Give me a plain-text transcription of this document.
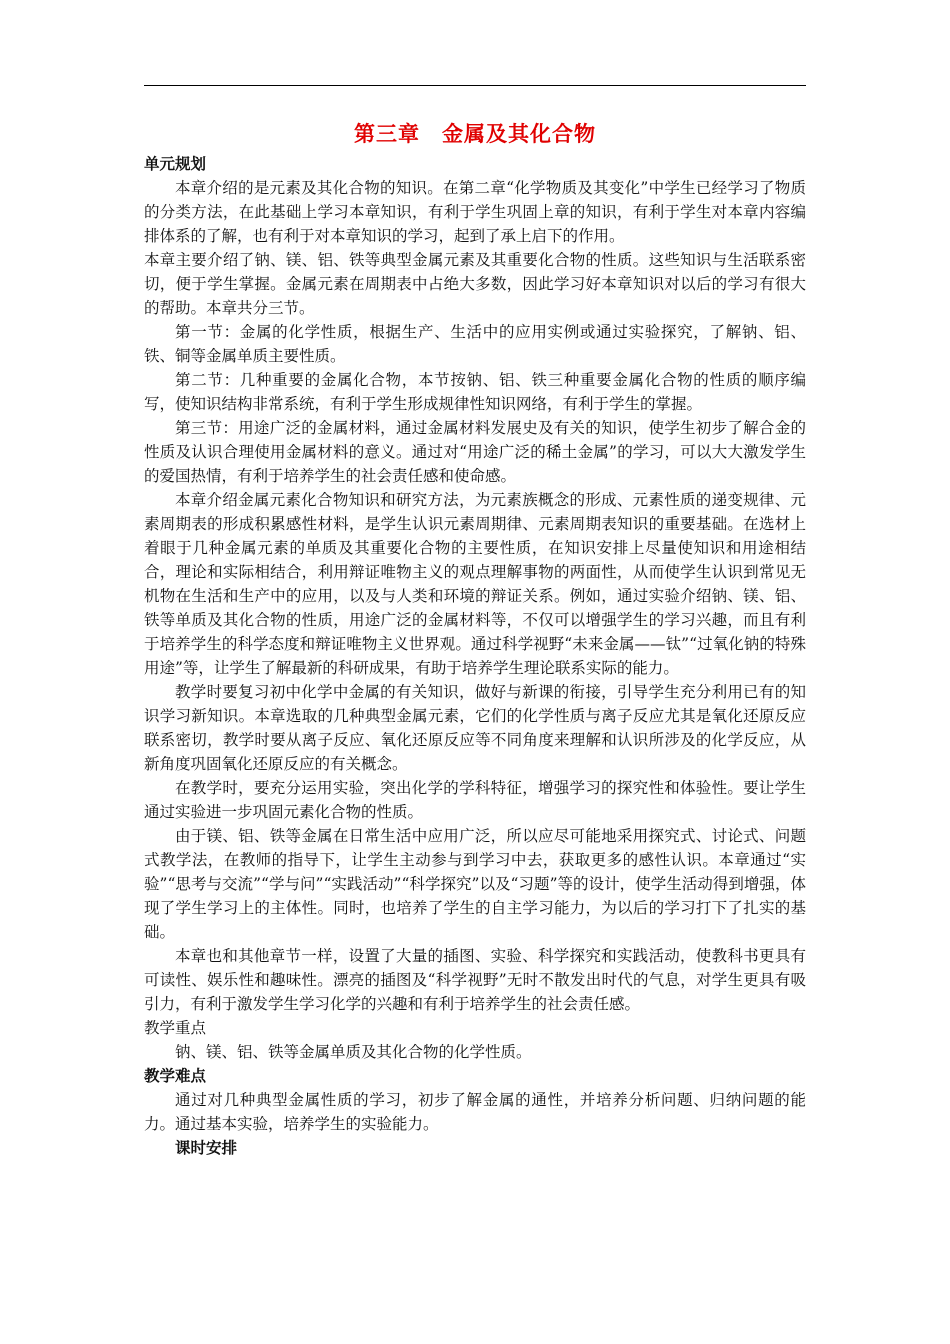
第三章　金属及其化合物
单元规划

本章介绍的是元素及其化合物的知识。在第二章“化学物质及其变化”中学生已经学习了物质的分类方法，在此基础上学习本章知识，有利于学生巩固上章的知识，有利于学生对本章内容编排体系的了解，也有利于对本章知识的学习，起到了承上启下的作用。

本章主要介绍了钠、镁、铝、铁等典型金属元素及其重要化合物的性质。这些知识与生活联系密切，便于学生掌握。金属元素在周期表中占绝大多数，因此学习好本章知识对以后的学习有很大的帮助。本章共分三节。

第一节：金属的化学性质，根据生产、生活中的应用实例或通过实验探究，了解钠、铝、铁、铜等金属单质主要性质。

第二节：几种重要的金属化合物，本节按钠、铝、铁三种重要金属化合物的性质的顺序编写，使知识结构非常系统，有利于学生形成规律性知识网络，有利于学生的掌握。

第三节：用途广泛的金属材料，通过金属材料发展史及有关的知识，使学生初步了解合金的性质及认识合理使用金属材料的意义。通过对“用途广泛的稀土金属”的学习，可以大大激发学生的爱国热情，有利于培养学生的社会责任感和使命感。

本章介绍金属元素化合物知识和研究方法，为元素族概念的形成、元素性质的递变规律、元素周期表的形成积累感性材料，是学生认识元素周期律、元素周期表知识的重要基础。在选材上着眼于几种金属元素的单质及其重要化合物的主要性质，在知识安排上尽量使知识和用途相结合，理论和实际相结合，利用辩证唯物主义的观点理解事物的两面性，从而使学生认识到常见无机物在生活和生产中的应用，以及与人类和环境的辩证关系。例如，通过实验介绍钠、镁、铝、铁等单质及其化合物的性质，用途广泛的金属材料等，不仅可以增强学生的学习兴趣，而且有利于培养学生的科学态度和辩证唯物主义世界观。通过科学视野“未来金属——钛”“过氧化钠的特殊用途”等，让学生了解最新的科研成果，有助于培养学生理论联系实际的能力。

教学时要复习初中化学中金属的有关知识，做好与新课的衔接，引导学生充分利用已有的知识学习新知识。本章选取的几种典型金属元素，它们的化学性质与离子反应尤其是氧化还原反应联系密切，教学时要从离子反应、氧化还原反应等不同角度来理解和认识所涉及的化学反应，从新角度巩固氧化还原反应的有关概念。

在教学时，要充分运用实验，突出化学的学科特征，增强学习的探究性和体验性。要让学生通过实验进一步巩固元素化合物的性质。

由于镁、铝、铁等金属在日常生活中应用广泛，所以应尽可能地采用探究式、讨论式、问题式教学法，在教师的指导下，让学生主动参与到学习中去，获取更多的感性认识。本章通过“实验”“思考与交流”“学与问”“实践活动”“科学探究”以及“习题”等的设计，使学生活动得到增强，体现了学生学习上的主体性。同时，也培养了学生的自主学习能力，为以后的学习打下了扎实的基础。

本章也和其他章节一样，设置了大量的插图、实验、科学探究和实践活动，使教科书更具有可读性、娱乐性和趣味性。漂亮的插图及“科学视野”无时不散发出时代的气息，对学生更具有吸引力，有利于激发学生学习化学的兴趣和有利于培养学生的社会责任感。

教学重点

钠、镁、铝、铁等金属单质及其化合物的化学性质。

教学难点

通过对几种典型金属性质的学习，初步了解金属的通性，并培养分析问题、归纳问题的能力。通过基本实验，培养学生的实验能力。

课时安排
